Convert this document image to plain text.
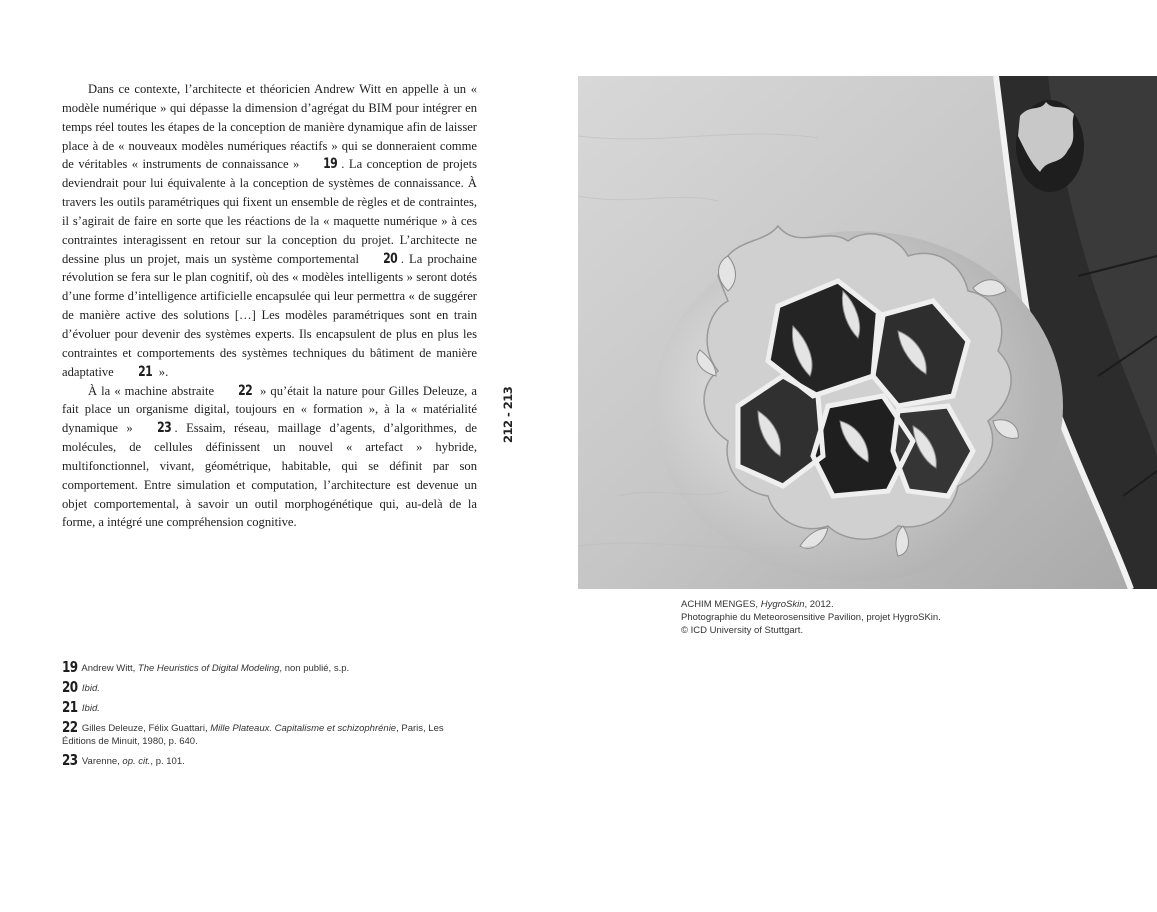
Dans ce contexte, l’architecte et théoricien Andrew Witt en appelle à un « modèle numérique » qui dépasse la dimension d’agrégat du BIM pour intégrer en temps réel toutes les étapes de la conception de manière dynamique afin de laisser place à de « nouveaux modèles numériques réactifs » qui se donneraient comme de véritables « instruments de connaissance » 19 . La conception de projets deviendrait pour lui équivalente à la conception de systèmes de connaissance. À travers les outils paramétriques qui fixent un ensemble de règles et de contraintes, il s’agirait de faire en sorte que les réactions de la « maquette numérique » à ces contraintes interagissent en retour sur la conception du projet. L’architecte ne dessine plus un projet, mais un système comportemental 20 . La prochaine révolution se fera sur le plan cognitif, où des « modèles intelligents » seront dotés d’une forme d’intelligence artificielle encapsulée qui leur permettra « de suggérer de manière active des solutions […] Les modèles paramétriques sont en train d’évoluer pour devenir des systèmes experts. Ils encapsulent de plus en plus les contraintes et comportements des systèmes techniques du bâtiment de manière adaptative 21 ».

À la « machine abstraite 22 » qu’était la nature pour Gilles Deleuze, a fait place un organisme digital, toujours en « formation », à la « matérialité dynamique » 23 . Essaim, réseau, maillage d’agents, d’algorithmes, de molécules, de cellules définissent un nouvel « artefact » hybride, multifonctionnel, vivant, géométrique, habitable, qui se définit par son comportement. Entre simulation et computation, l’architecture est devenue un objet comportemental, à savoir un outil morphogénétique qui, au-delà de la forme, a intégré une compréhension cognitive.

212 - 213
ACHIM MENGES, HygroSkin, 2012.
Photographie du Meteorosensitive Pavilion, projet HygroSKin.
© ICD University of Stuttgart.
19 Andrew Witt, The Heuristics of Digital Modeling, non publié, s.p.
20 Ibid.
21 Ibid.
22 Gilles Deleuze, Félix Guattari, Mille Plateaux. Capitalisme et schizophrénie, Paris, Les Éditions de Minuit, 1980, p. 640.
23 Varenne, op. cit., p. 101.
